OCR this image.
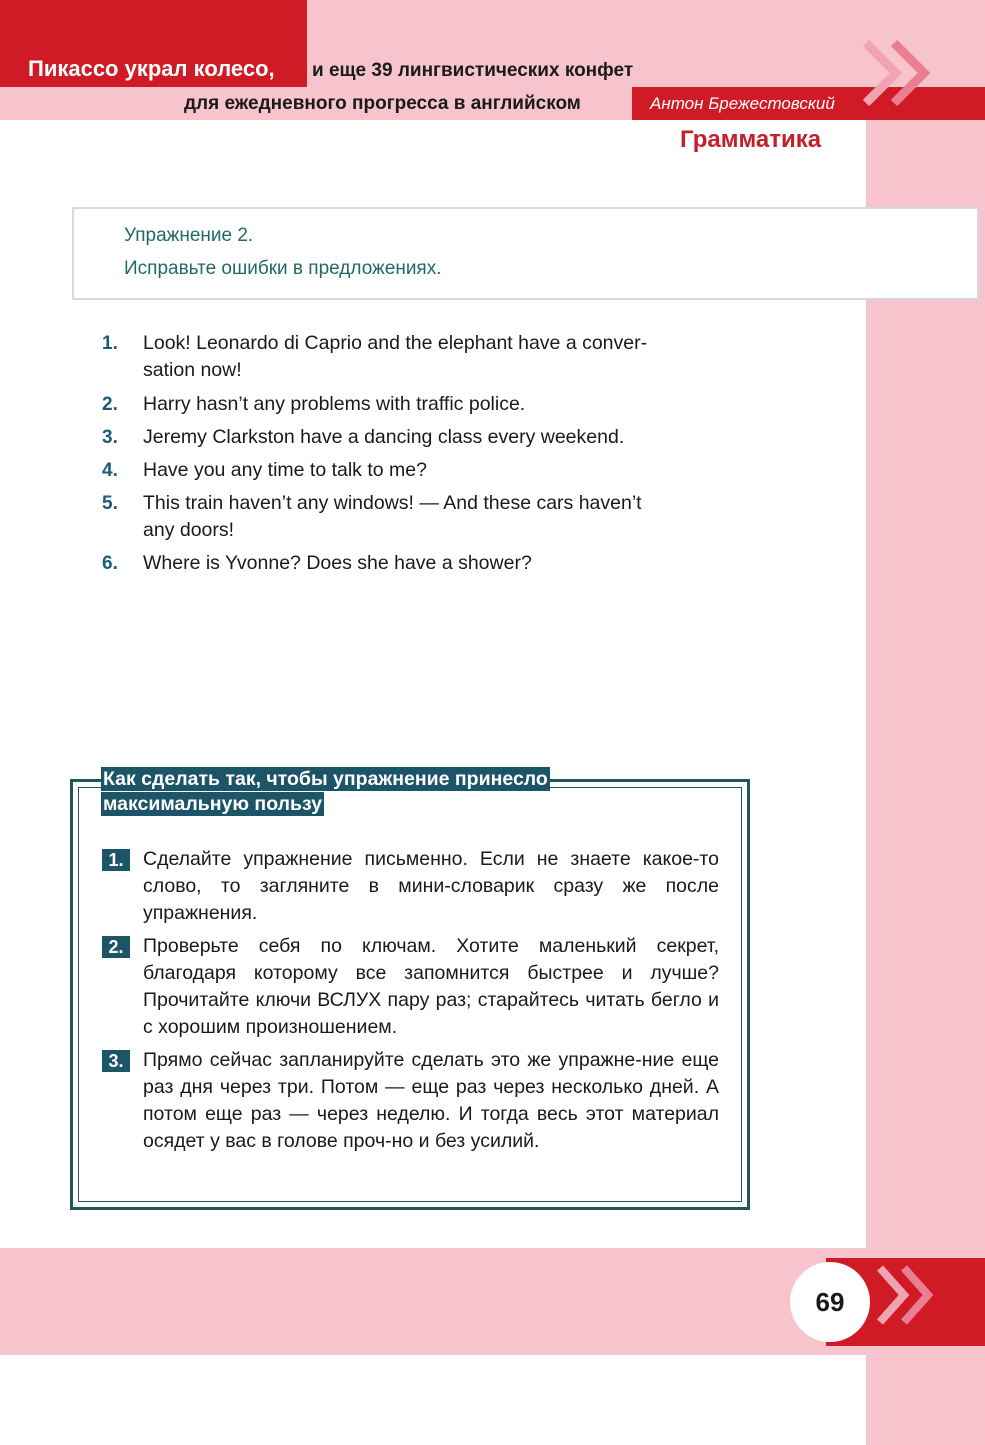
Пикассо украл колесо, и еще 39 лингвистических конфет
для ежедневного прогресса в английском	Антон Брежестовский
Грамматика
Упражнение 2.
Исправьте ошибки в предложениях.
1.	Look! Leonardo di Caprio and the elephant have a conver-
sation now!
2.	Harry hasn’t any problems with traffic police.
3.	Jeremy Clarkston have a dancing class every weekend.
4.	Have you any time to talk to me?
5.	This train haven’t any windows! — And these cars haven’t
any doors!
6.	Where is Yvonne? Does she have a shower?
Как сделать так, чтобы упражнение принесло
максимальную пользу
1.	Сделайте упражнение письменно. Если не знаете какое-то слово, то загляните в мини-словарик сразу же после упражнения.
2.	Проверьте себя по ключам. Хотите маленький секрет, благодаря которому все запомнится быстрее и лучше? Прочитайте ключи ВСЛУХ пару раз; старайтесь читать бегло и с хорошим произношением.
3.	Прямо сейчас запланируйте сделать это же упражне-ние еще раз дня через три. Потом — еще раз через несколько дней. А потом еще раз — через неделю. И тогда весь этот материал осядет у вас в голове проч-но и без усилий.
69
